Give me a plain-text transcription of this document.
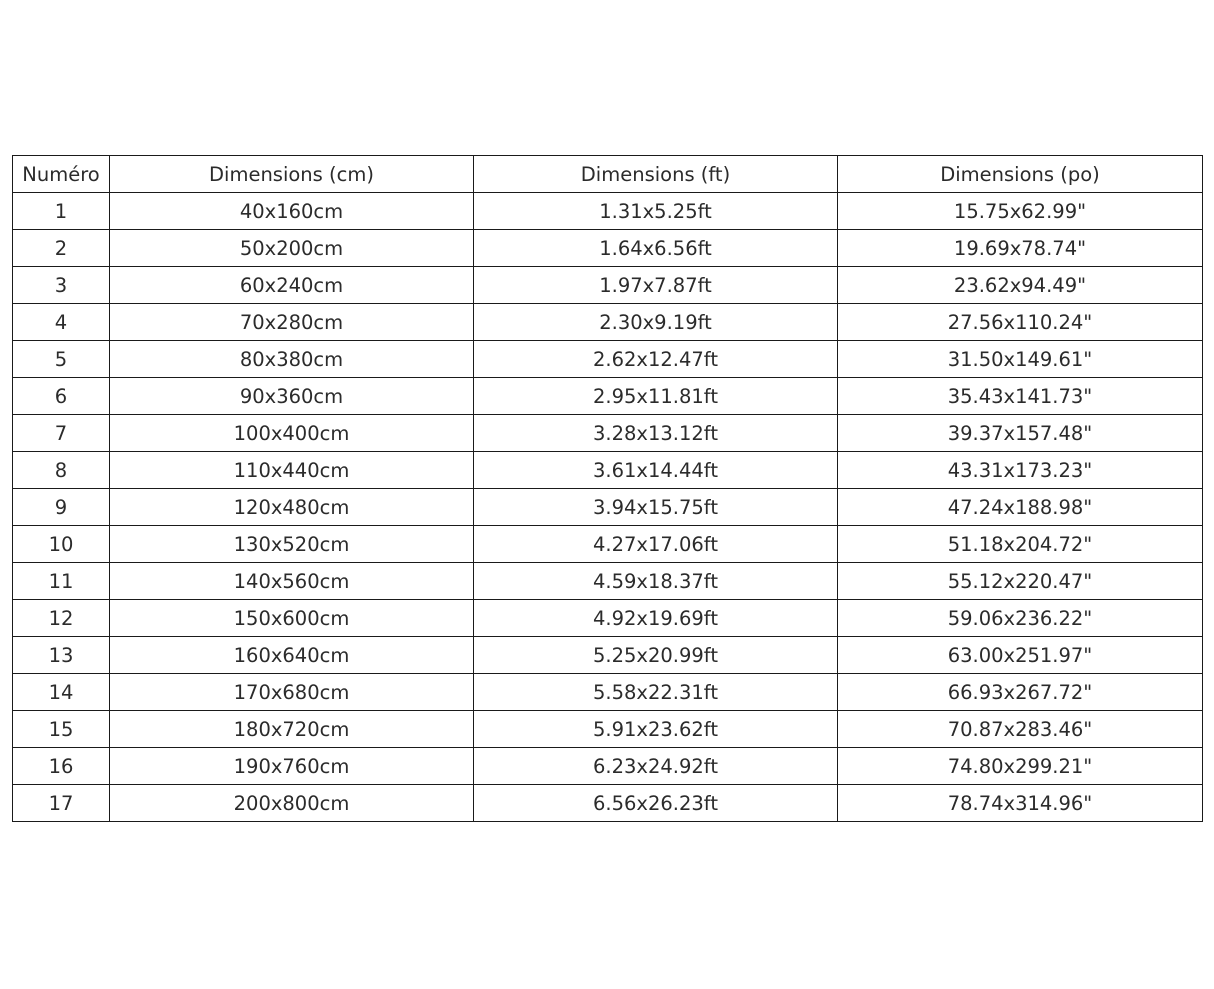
Numéro	Dimensions (cm)	Dimensions (ft)	Dimensions (po)
1	40x160cm	1.31x5.25ft	15.75x62.99"
2	50x200cm	1.64x6.56ft	19.69x78.74"
3	60x240cm	1.97x7.87ft	23.62x94.49"
4	70x280cm	2.30x9.19ft	27.56x110.24"
5	80x380cm	2.62x12.47ft	31.50x149.61"
6	90x360cm	2.95x11.81ft	35.43x141.73"
7	100x400cm	3.28x13.12ft	39.37x157.48"
8	110x440cm	3.61x14.44ft	43.31x173.23"
9	120x480cm	3.94x15.75ft	47.24x188.98"
10	130x520cm	4.27x17.06ft	51.18x204.72"
11	140x560cm	4.59x18.37ft	55.12x220.47"
12	150x600cm	4.92x19.69ft	59.06x236.22"
13	160x640cm	5.25x20.99ft	63.00x251.97"
14	170x680cm	5.58x22.31ft	66.93x267.72"
15	180x720cm	5.91x23.62ft	70.87x283.46"
16	190x760cm	6.23x24.92ft	74.80x299.21"
17	200x800cm	6.56x26.23ft	78.74x314.96"
